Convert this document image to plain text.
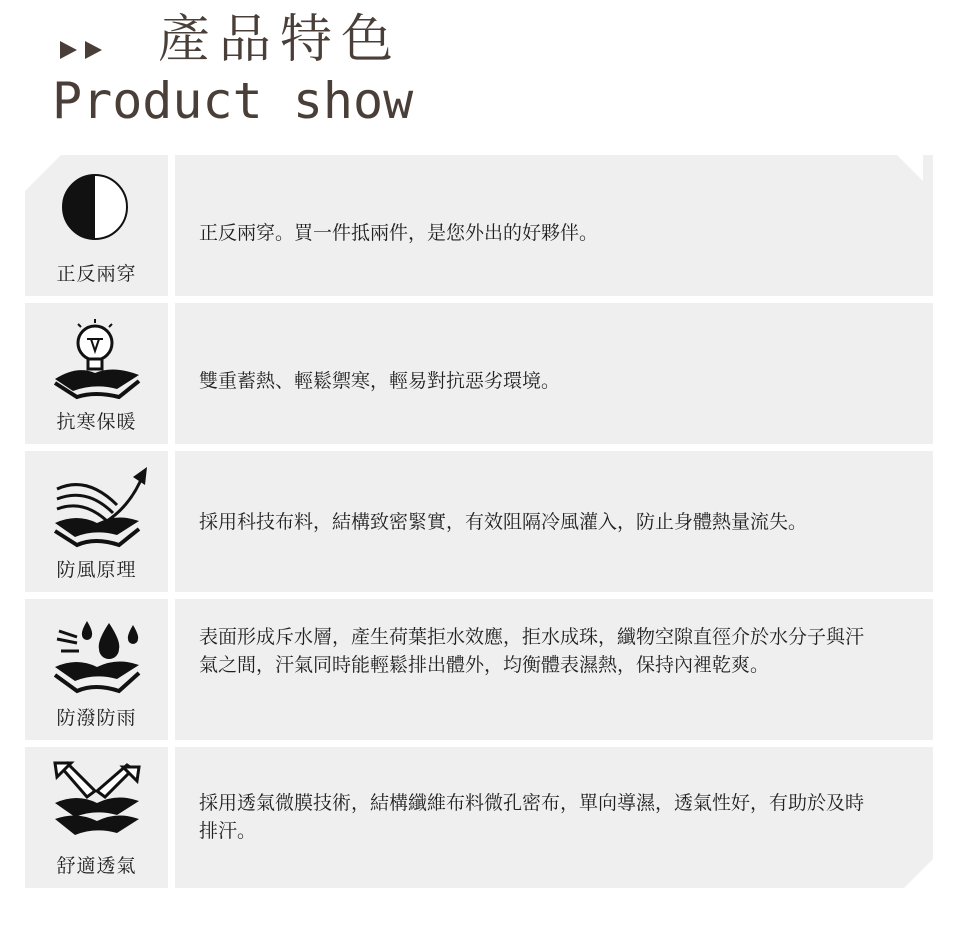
產品特色
Product show
正反兩穿
正反兩穿。買一件抵兩件，是您外出的好夥伴。
抗寒保暖
雙重蓄熱、輕鬆禦寒，輕易對抗惡劣環境。
防風原理
採用科技布料，結構致密緊實，有效阻隔冷風灌入，防止身體熱量流失。
防潑防雨
表面形成斥水層，產生荷葉拒水效應，拒水成珠，纖物空隙直徑介於水分子與汗氣之間，汗氣同時能輕鬆排出體外，均衡體表濕熱，保持內裡乾爽。
舒適透氣
採用透氣微膜技術，結構纖維布料微孔密布，單向導濕，透氣性好，有助於及時排汗。
